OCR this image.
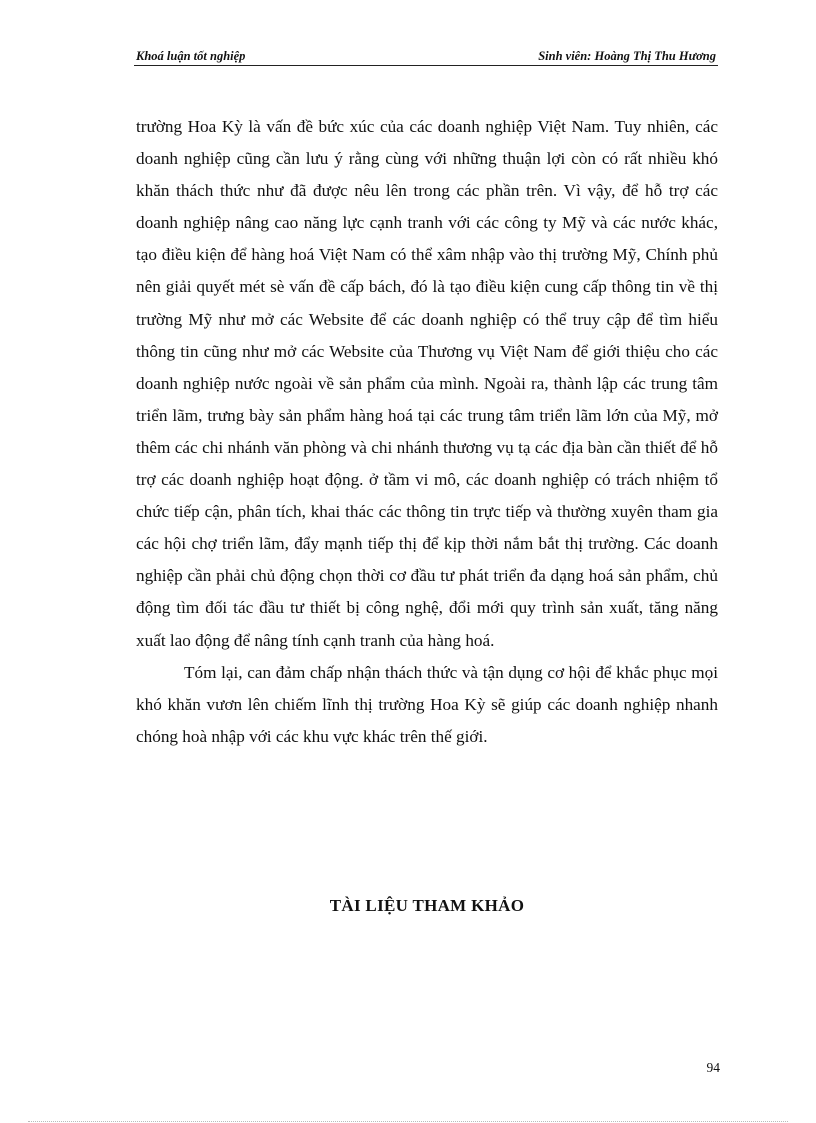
Khoá luận tốt nghiệp	Sinh viên: Hoàng Thị Thu Hương

trường Hoa Kỳ là vấn đề bức xúc của các doanh nghiệp Việt Nam. Tuy nhiên, các doanh nghiệp cũng cần lưu ý rằng cùng với những thuận lợi còn có rất nhiều khó khăn thách thức như đã được nêu lên trong các phần trên. Vì vậy, để hỗ trợ các doanh nghiệp nâng cao năng lực cạnh tranh với các công ty Mỹ và các nước khác, tạo điều kiện để hàng hoá Việt Nam có thể xâm nhập vào thị trường Mỹ, Chính phủ nên giải quyết mét sè vấn đề cấp bách, đó là tạo điều kiện cung cấp thông tin về thị trường Mỹ như mở các Website để các doanh nghiệp có thể truy cập để tìm hiểu thông tin cũng như mở các Website của Thương vụ Việt Nam để giới thiệu cho các doanh nghiệp nước ngoài về sản phẩm của mình. Ngoài ra, thành lập các trung tâm triển lãm, trưng bày sản phẩm hàng hoá tại các trung tâm triển lãm lớn của Mỹ, mở thêm các chi nhánh văn phòng và chi nhánh thương vụ tạ các địa bàn cần thiết để hỗ trợ các doanh nghiệp hoạt động. ở tầm vi mô, các doanh nghiệp có trách nhiệm tổ chức tiếp cận, phân tích, khai thác các thông tin trực tiếp và thường xuyên tham gia các hội chợ triển lãm, đẩy mạnh tiếp thị để kịp thời nắm bắt thị trường. Các doanh nghiệp cần phải chủ động chọn thời cơ đầu tư phát triển đa dạng hoá sản phẩm, chủ động tìm đối tác đầu tư thiết bị công nghệ, đổi mới quy trình sản xuất, tăng năng xuất lao động để nâng tính cạnh tranh của hàng hoá.

Tóm lại, can đảm chấp nhận thách thức và tận dụng cơ hội để khắc phục mọi khó khăn vươn lên chiếm lĩnh thị trường Hoa Kỳ sẽ giúp các doanh nghiệp nhanh chóng hoà nhập với các khu vực khác trên thế giới.

TÀI LIỆU THAM KHẢO
94
